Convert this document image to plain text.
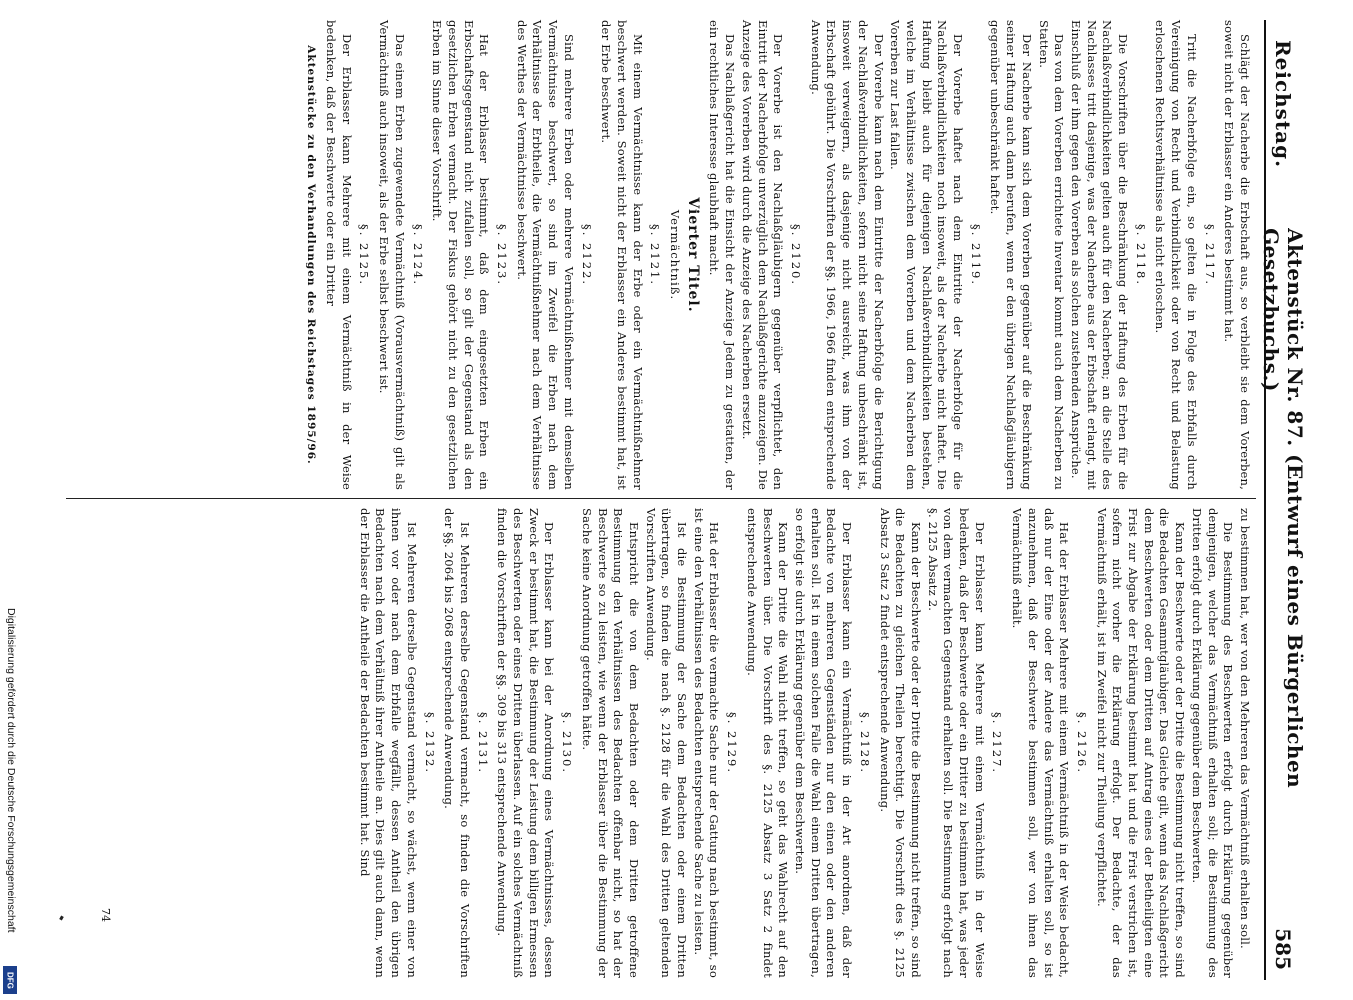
Reichstag.
Aktenstück Nr. 87. (Entwurf eines Bürgerlichen Gesetzbuchs.)
585

Schlägt der Nacherbe die Erbschaft aus, so verbleibt sie dem Vorerben, soweit nicht der Erblasser ein Anderes bestimmt hat.

§. 2117.

Tritt die Nacherbfolge ein, so gelten die in Folge des Erbfalls durch Vereinigung von Recht und Verbindlichkeit oder von Recht und Belastung erloschenen Rechtsverhältnisse als nicht erloschen.

§. 2118.

Die Vorschriften über die Beschränkung der Haftung des Erben für die Nachlaßverbindlichkeiten gelten auch für den Nacherben; an die Stelle des Nachlasses tritt dasjenige, was der Nacherbe aus der Erbschaft erlangt, mit Einschluß der ihm gegen den Vorerben als solchen zustehenden Ansprüche.

Das von dem Vorerben errichtete Inventar kommt auch dem Nacherben zu Statten.

Der Nacherbe kann sich dem Vorerben gegenüber auf die Beschränkung seiner Haftung auch dann berufen, wenn er den übrigen Nachlaßgläubigern gegenüber unbeschränkt haftet.

§. 2119.

Der Vorerbe haftet nach dem Eintritte der Nacherbfolge für die Nachlaßverbindlichkeiten noch insoweit, als der Nacherbe nicht haftet. Die Haftung bleibt auch für diejenigen Nachlaßverbindlichkeiten bestehen, welche im Verhältnisse zwischen dem Vorerben und dem Nacherben dem Vorerben zur Last fallen.

Der Vorerbe kann nach dem Eintritte der Nacherbfolge die Berichtigung der Nachlaßverbindlichkeiten, sofern nicht seine Haftung unbeschränkt ist, insoweit verweigern, als dasjenige nicht ausreicht, was ihm von der Erbschaft gebührt. Die Vorschriften der §§. 1966, 1966 finden entsprechende Anwendung.

§. 2120.

Der Vorerbe ist den Nachlaßgläubigern gegenüber verpflichtet, den Eintritt der Nacherbfolge unverzüglich dem Nachlaßgerichte anzuzeigen. Die Anzeige des Vorerben wird durch die Anzeige des Nacherben ersetzt.

Das Nachlaßgericht hat die Einsicht der Anzeige Jedem zu gestatten, der ein rechtliches Interesse glaubhaft macht.

Vierter Titel.
Vermächtniß.
§. 2121.

Mit einem Vermächtnisse kann der Erbe oder ein Vermächtnißnehmer beschwert werden. Soweit nicht der Erblasser ein Anderes bestimmt hat, ist der Erbe beschwert.

§. 2122.

Sind mehrere Erben oder mehrere Vermächtnißnehmer mit demselben Vermächtnisse beschwert, so sind im Zweifel die Erben nach dem Verhältnisse der Erbtheile, die Vermächtnißnehmer nach dem Verhältnisse des Werthes der Vermächtnisse beschwert.

§. 2123.

Hat der Erblasser bestimmt, daß dem eingesetzten Erben ein Erbschaftsgegenstand nicht zufallen soll, so gilt der Gegenstand als den gesetzlichen Erben vermacht. Der Fiskus gehört nicht zu den gesetzlichen Erben im Sinne dieser Vorschrift.

§. 2124.

Das einem Erben zugewendete Vermächtniß (Vorausvermächtniß) gilt als Vermächtniß auch insoweit, als der Erbe selbst beschwert ist.

§. 2125.

Der Erblasser kann Mehrere mit einem Vermächtniß in der Weise bedenken, daß der Beschwerte oder ein Dritter

Aktenstücke zu den Verhandlungen des Reichstages 1895/96.

zu bestimmen hat, wer von den Mehreren das Vermächtniß erhalten soll.

Die Bestimmung des Beschwerten erfolgt durch Erklärung gegenüber demjenigen, welcher das Vermächtniß erhalten soll; die Bestimmung des Dritten erfolgt durch Erklärung gegenüber dem Beschwerten.

Kann der Beschwerte oder der Dritte die Bestimmung nicht treffen, so sind die Bedachten Gesammtgläubiger. Das Gleiche gilt, wenn das Nachlaßgericht dem Beschwerten oder dem Dritten auf Antrag eines der Betheiligten eine Frist zur Abgabe der Erklärung bestimmt hat und die Frist verstrichen ist, sofern nicht vorher die Erklärung erfolgt. Der Bedachte, der das Vermächtniß erhält, ist im Zweifel nicht zur Theilung verpflichtet.

§. 2126.

Hat der Erblasser Mehrere mit einem Vermächtniß in der Weise bedacht, daß nur der Eine oder der Andere das Vermächtniß erhalten soll, so ist anzunehmen, daß der Beschwerte bestimmen soll, wer von ihnen das Vermächtniß erhält.

§. 2127.

Der Erblasser kann Mehrere mit einem Vermächtniß in der Weise bedenken, daß der Beschwerte oder ein Dritter zu bestimmen hat, was jeder von dem vermachten Gegenstand erhalten soll. Die Bestimmung erfolgt nach §. 2125 Absatz 2.

Kann der Beschwerte oder der Dritte die Bestimmung nicht treffen, so sind die Bedachten zu gleichen Theilen berechtigt. Die Vorschrift des §. 2125 Absatz 3 Satz 2 findet entsprechende Anwendung.

§. 2128.

Der Erblasser kann ein Vermächtniß in der Art anordnen, daß der Bedachte von mehreren Gegenständen nur den einen oder den anderen erhalten soll. Ist in einem solchen Falle die Wahl einem Dritten übertragen, so erfolgt sie durch Erklärung gegenüber dem Beschwerten.

Kann der Dritte die Wahl nicht treffen, so geht das Wahlrecht auf den Beschwerten über. Die Vorschrift des §. 2125 Absatz 3 Satz 2 findet entsprechende Anwendung.

§. 2129.

Hat der Erblasser die vermachte Sache nur der Gattung nach bestimmt, so ist eine den Verhältnissen des Bedachten entsprechende Sache zu leisten.

Ist die Bestimmung der Sache dem Bedachten oder einem Dritten übertragen, so finden die nach §. 2128 für die Wahl des Dritten geltenden Vorschriften Anwendung.

Entspricht die von dem Bedachten oder dem Dritten getroffene Bestimmung den Verhältnissen des Bedachten offenbar nicht, so hat der Beschwerte so zu leisten, wie wenn der Erblasser über die Bestimmung der Sache keine Anordnung getroffen hätte.

§. 2130.

Der Erblasser kann bei der Anordnung eines Vermächtnisses, dessen Zweck er bestimmt hat, die Bestimmung der Leistung dem billigen Ermessen des Beschwerten oder eines Dritten überlassen. Auf ein solches Vermächtniß finden die Vorschriften der §§. 309 bis 313 entsprechende Anwendung.

§. 2131.

Ist Mehreren derselbe Gegenstand vermacht, so finden die Vorschriften der §§. 2064 bis 2068 entsprechende Anwendung.

§. 2132.

Ist Mehreren derselbe Gegenstand vermacht, so wächst, wenn einer von ihnen vor oder nach dem Erbfalle wegfällt, dessen Antheil den übrigen Bedachten nach dem Verhältniß ihrer Antheile an. Dies gilt auch dann, wenn der Erblasser die Antheile der Bedachten bestimmt hat. Sind

74
Digitalisierung gefördert durch die Deutsche Forschungsgemeinschaft
DFG
